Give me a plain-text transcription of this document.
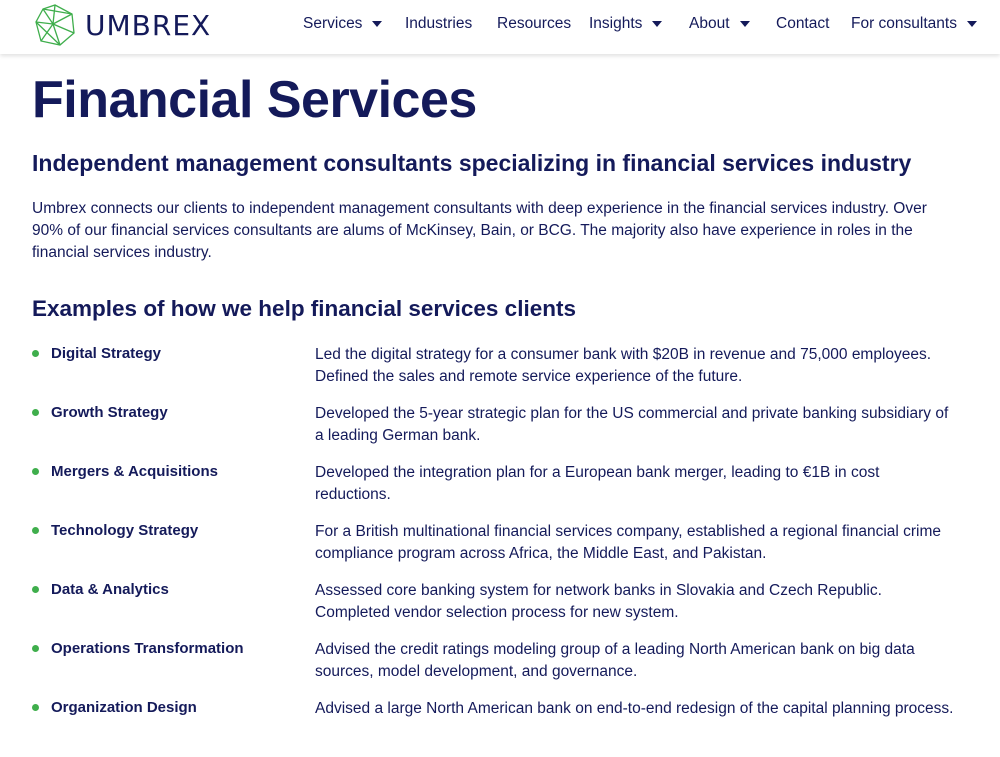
UMBREX	Services	Industries Resources Insights	About	Contact For consultants
Financial Services
Independent management consultants specializing in financial services industry

Umbrex connects our clients to independent management consultants with deep experience in the financial services industry. Over 90% of our financial services consultants are alums of McKinsey, Bain, or BCG. The majority also have experience in roles in the financial services industry.

Examples of how we help financial services clients
Digital Strategy	Led the digital strategy for a consumer bank with $20B in revenue and 75,000 employees. Defined the sales and remote service experience of the future.
Growth Strategy	Developed the 5-year strategic plan for the US commercial and private banking subsidiary of a leading German bank.
Mergers & Acquisitions	Developed the integration plan for a European bank merger, leading to €1B in cost reductions.
Technology Strategy	For a British multinational financial services company, established a regional financial crime compliance program across Africa, the Middle East, and Pakistan.
Data & Analytics	Assessed core banking system for network banks in Slovakia and Czech Republic. Completed vendor selection process for new system.
Operations Transformation	Advised the credit ratings modeling group of a leading North American bank on big data sources, model development, and governance.
Organization Design	Advised a large North American bank on end-to-end redesign of the capital planning process.
